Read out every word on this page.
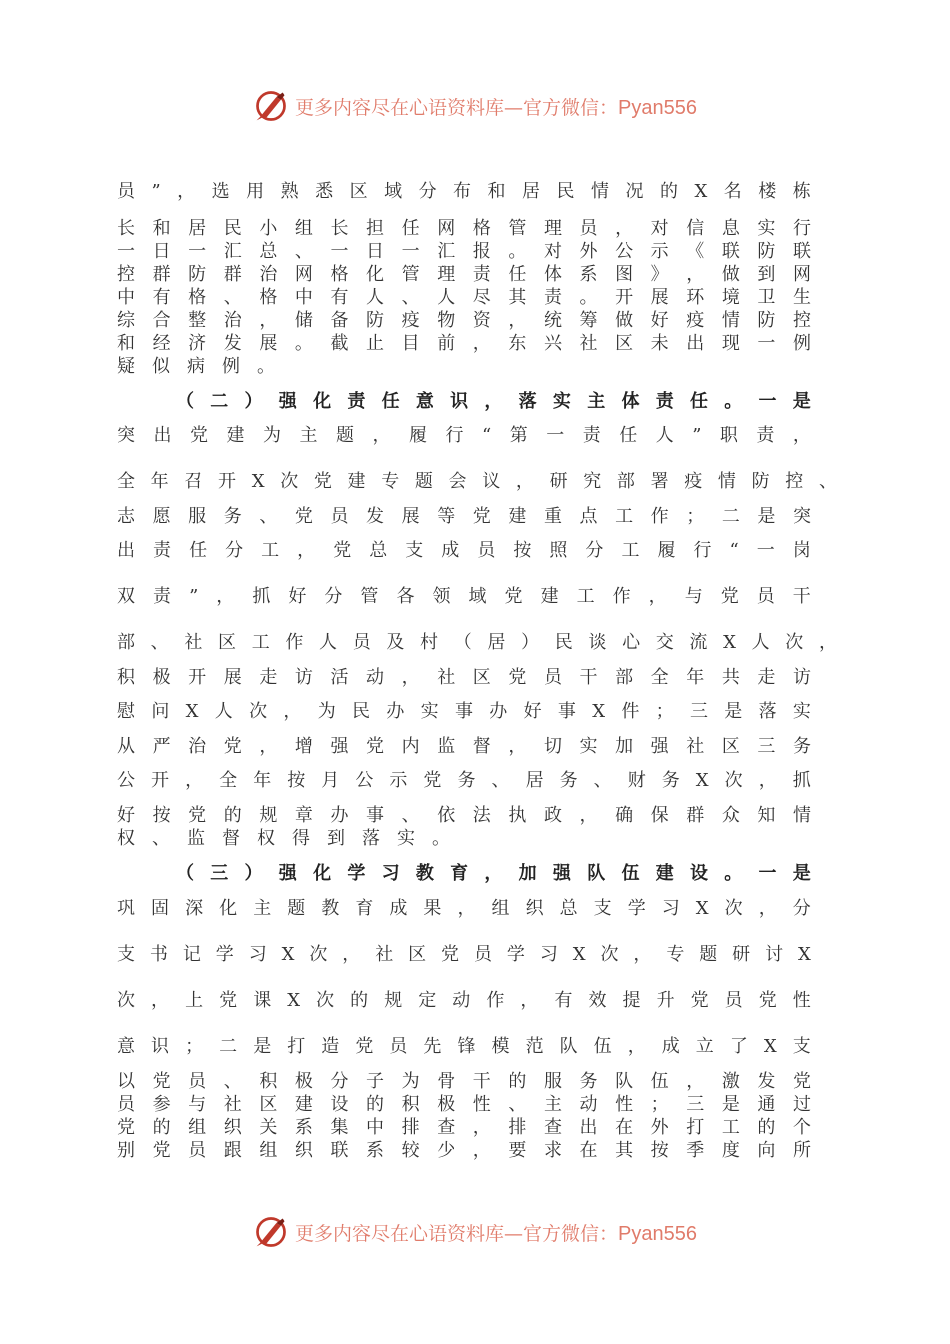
更多内容尽在心语资料库—官方微信：Pyan556
员 ” ， 选 用 熟 悉 区 域 分 布 和 居 民 情 况 的 X 名 楼 栋
长 和 居 民 小 组 长 担 任 网 格 管 理 员 ， 对 信 息 实 行
一 日 一 汇 总 、 一 日 一 汇 报 。 对 外 公 示 《 联 防 联
控 群 防 群 治 网 格 化 管 理 责 任 体 系 图 》 ， 做 到 网
中 有 格 、 格 中 有 人 、 人 尽 其 责 。 开 展 环 境 卫 生
综 合 整 治 ， 储 备 防 疫 物 资 ， 统 筹 做 好 疫 情 防 控
和 经 济 发 展 。 截 止 目 前 ， 东 兴 社 区 未 出 现 一 例
疑 似 病 例 。
（ 二 ） 强 化 责 任 意 识 ， 落 实 主 体 责 任 。 一 是
突 出 党 建 为 主 题 ， 履 行 “ 第 一 责 任 人 ” 职 责 ，
全 年 召 开 X 次 党 建 专 题 会 议 ， 研 究 部 署 疫 情 防 控 、
志 愿 服 务 、 党 员 发 展 等 党 建 重 点 工 作 ； 二 是 突
出 责 任 分 工 ， 党 总 支 成 员 按 照 分 工 履 行 “ 一 岗
双 责 ” ， 抓 好 分 管 各 领 域 党 建 工 作 ， 与 党 员 干
部 、 社 区 工 作 人 员 及 村 （ 居 ） 民 谈 心 交 流 X 人 次 ，
积 极 开 展 走 访 活 动 ， 社 区 党 员 干 部 全 年 共 走 访
慰 问 X 人 次 ， 为 民 办 实 事 办 好 事 X 件 ； 三 是 落 实
从 严 治 党 ， 增 强 党 内 监 督 ， 切 实 加 强 社 区 三 务
公 开 ， 全 年 按 月 公 示 党 务 、 居 务 、 财 务 X 次 ， 抓
好 按 党 的 规 章 办 事 、 依 法 执 政 ， 确 保 群 众 知 情
权 、 监 督 权 得 到 落 实 。
（ 三 ） 强 化 学 习 教 育 ， 加 强 队 伍 建 设 。 一 是
巩 固 深 化 主 题 教 育 成 果 ， 组 织 总 支 学 习 X 次 ， 分
支 书 记 学 习 X 次 ， 社 区 党 员 学 习 X 次 ， 专 题 研 讨 X
次 ， 上 党 课 X 次 的 规 定 动 作 ， 有 效 提 升 党 员 党 性
意 识 ； 二 是 打 造 党 员 先 锋 模 范 队 伍 ， 成 立 了 X 支
以 党 员 、 积 极 分 子 为 骨 干 的 服 务 队 伍 ， 激 发 党
员 参 与 社 区 建 设 的 积 极 性 、 主 动 性 ； 三 是 通 过
党 的 组 织 关 系 集 中 排 查 ， 排 查 出 在 外 打 工 的 个
别 党 员 跟 组 织 联 系 较 少 ， 要 求 在 其 按 季 度 向 所
更多内容尽在心语资料库—官方微信：Pyan556
